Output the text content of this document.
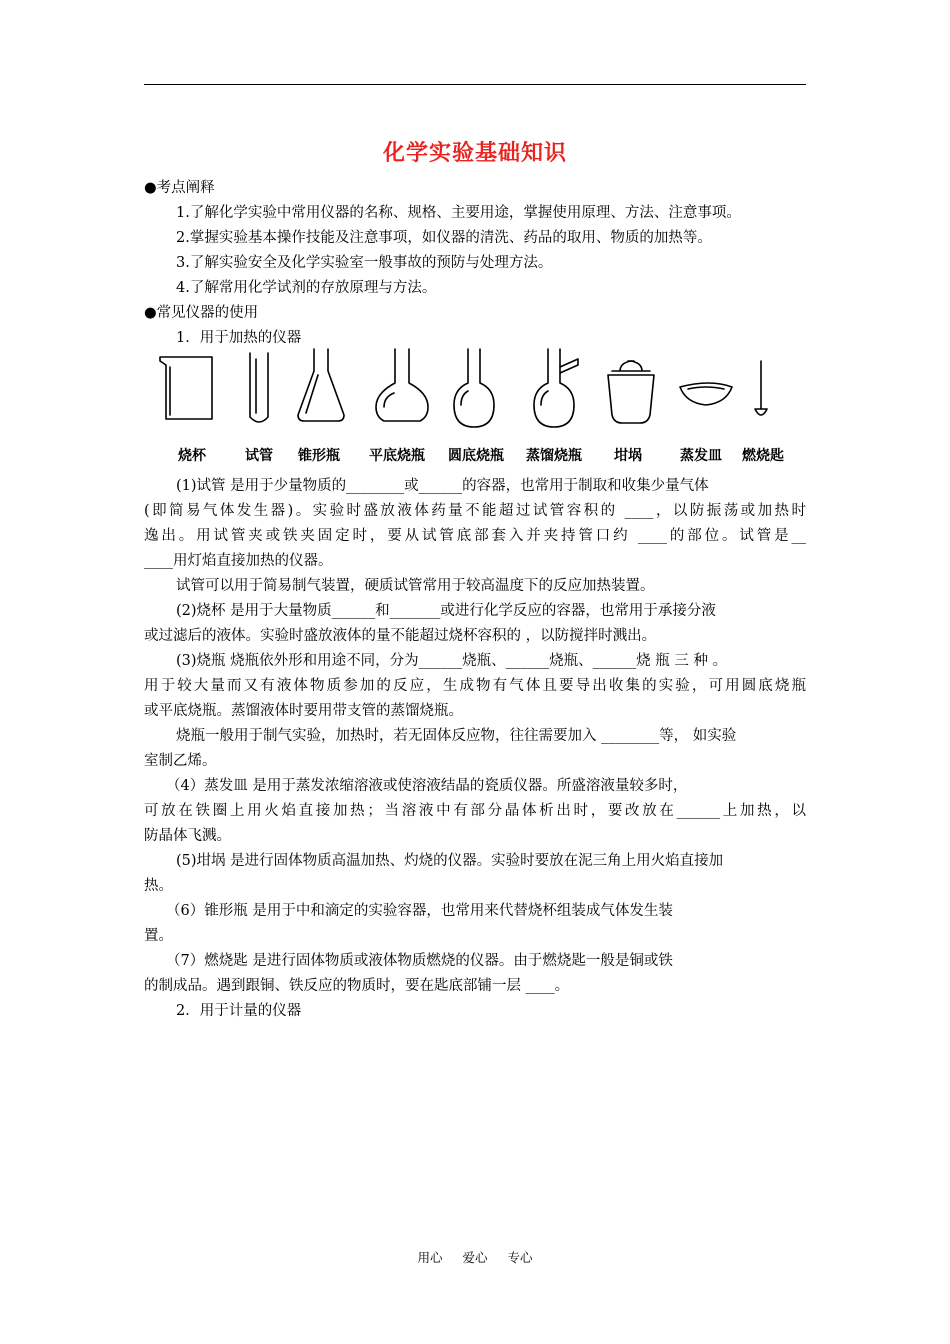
化学实验基础知识
●考点阐释
1.了解化学实验中常用仪器的名称、规格、主要用途，掌握使用原理、方法、注意事项。
2.掌握实验基本操作技能及注意事项，如仪器的清洗、药品的取用、物质的加热等。
3.了解实验安全及化学实验室一般事故的预防与处理方法。
4.了解常用化学试剂的存放原理与方法。
●常见仪器的使用
1．用于加热的仪器
烧杯	试管	锥形瓶	平底烧瓶	圆底烧瓶	蒸馏烧瓶	坩埚	蒸发皿	燃烧匙
(1)试管 是用于少量物质的________或______的容器，也常用于制取和收集少量气体
(即简易气体发生器)。实验时盛放液体药量不能超过试管容积的 ____，以防振荡或加热时
逸出。用试管夹或铁夹固定时，要从试管底部套入并夹持管口约 ____的部位。试管是__
____用灯焰直接加热的仪器。
试管可以用于简易制气装置，硬质试管常用于较高温度下的反应加热装置。
(2)烧杯 是用于大量物质______和_______或进行化学反应的容器，也常用于承接分液
或过滤后的液体。实验时盛放液体的量不能超过烧杯容积的 ，以防搅拌时溅出。
(3)烧瓶 烧瓶依外形和用途不同，分为______烧瓶、______烧瓶、______烧 瓶 三 种 。
用于较大量而又有液体物质参加的反应，生成物有气体且要导出收集的实验，可用圆底烧瓶
或平底烧瓶。蒸馏液体时要用带支管的蒸馏烧瓶。
烧瓶一般用于制气实验，加热时，若无固体反应物，往往需要加入 ________等， 如实验
室制乙烯。
（4）蒸发皿 是用于蒸发浓缩溶液或使溶液结晶的瓷质仪器。所盛溶液量较多时，
可放在铁圈上用火焰直接加热；当溶液中有部分晶体析出时，要改放在______上加热，以
防晶体飞溅。
(5)坩埚 是进行固体物质高温加热、灼烧的仪器。实验时要放在泥三角上用火焰直接加
热。
（6）锥形瓶 是用于中和滴定的实验容器，也常用来代替烧杯组装成气体发生装
置。
（7）燃烧匙 是进行固体物质或液体物质燃烧的仪器。由于燃烧匙一般是铜或铁
的制成品。遇到跟铜、铁反应的物质时，要在匙底部铺一层 ____。
2．用于计量的仪器
用心 爱心 专心
